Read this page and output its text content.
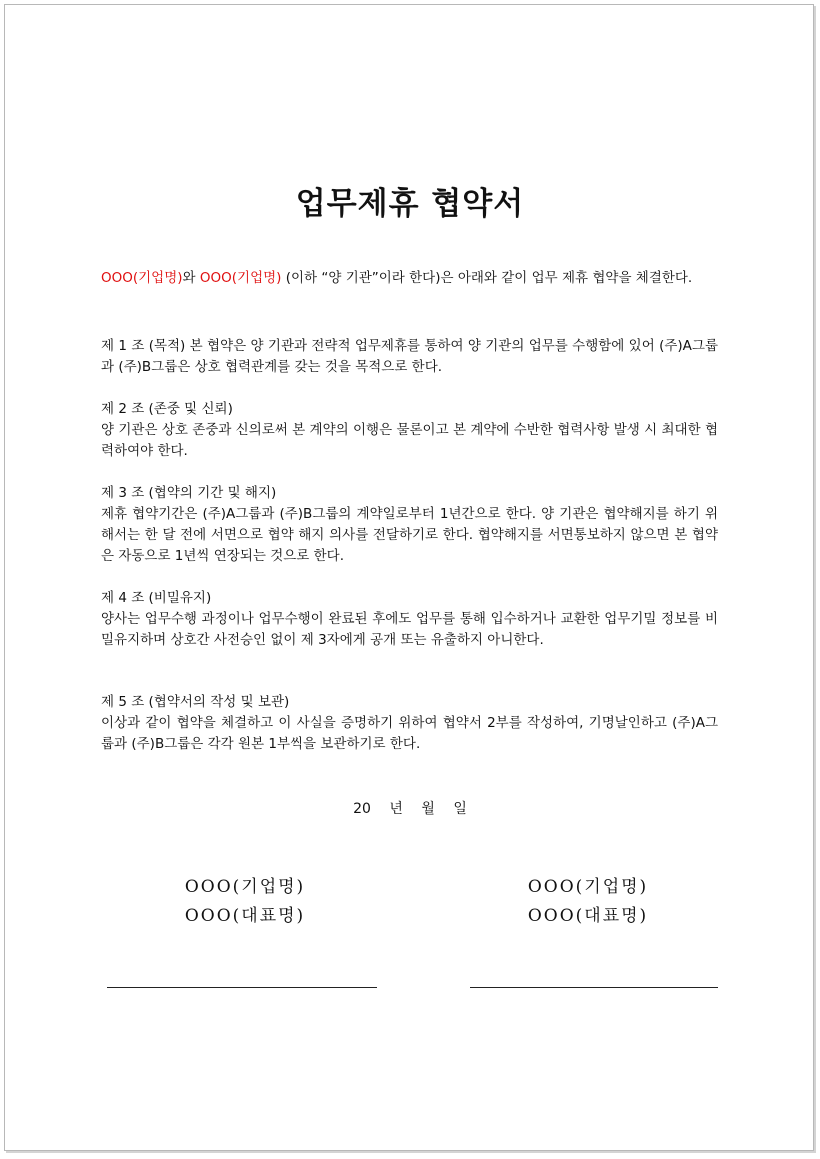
업무제휴 협약서

OOO(기업명)와 OOO(기업명) (이하 “양 기관”이라 한다)은 아래와 같이 업무 제휴 협약을 체결한다.

제 1 조 (목적) 본 협약은 양 기관과 전략적 업무제휴를 통하여 양 기관의 업무를 수행함에 있어 (주)A그룹과 (주)B그룹은 상호 협력관계를 갖는 것을 목적으로 한다.

제 2 조 (존중 및 신뢰)

양 기관은 상호 존중과 신의로써 본 계약의 이행은 물론이고 본 계약에 수반한 협력사항 발생 시 최대한 협력하여야 한다.

제 3 조 (협약의 기간 및 해지)

제휴 협약기간은 (주)A그룹과 (주)B그룹의 계약일로부터 1년간으로 한다. 양 기관은 협약해지를 하기 위해서는 한 달 전에 서면으로 협약 해지 의사를 전달하기로 한다. 협약해지를 서면통보하지 않으면 본 협약은 자동으로 1년씩 연장되는 것으로 한다.

제 4 조 (비밀유지)

양사는 업무수행 과정이나 업무수행이 완료된 후에도 업무를 통해 입수하거나 교환한 업무기밀 정보를 비밀유지하며 상호간 사전승인 없이 제 3자에게 공개 또는 유출하지 아니한다.

제 5 조 (협약서의 작성 및 보관)

이상과 같이 협약을 체결하고 이 사실을 증명하기 위하여 협약서 2부를 작성하여, 기명날인하고 (주)A그룹과 (주)B그룹은 각각 원본 1부씩을 보관하기로 한다.

20 년 월 일
OOO(기업명)
OOO(대표명)
OOO(기업명)
OOO(대표명)
